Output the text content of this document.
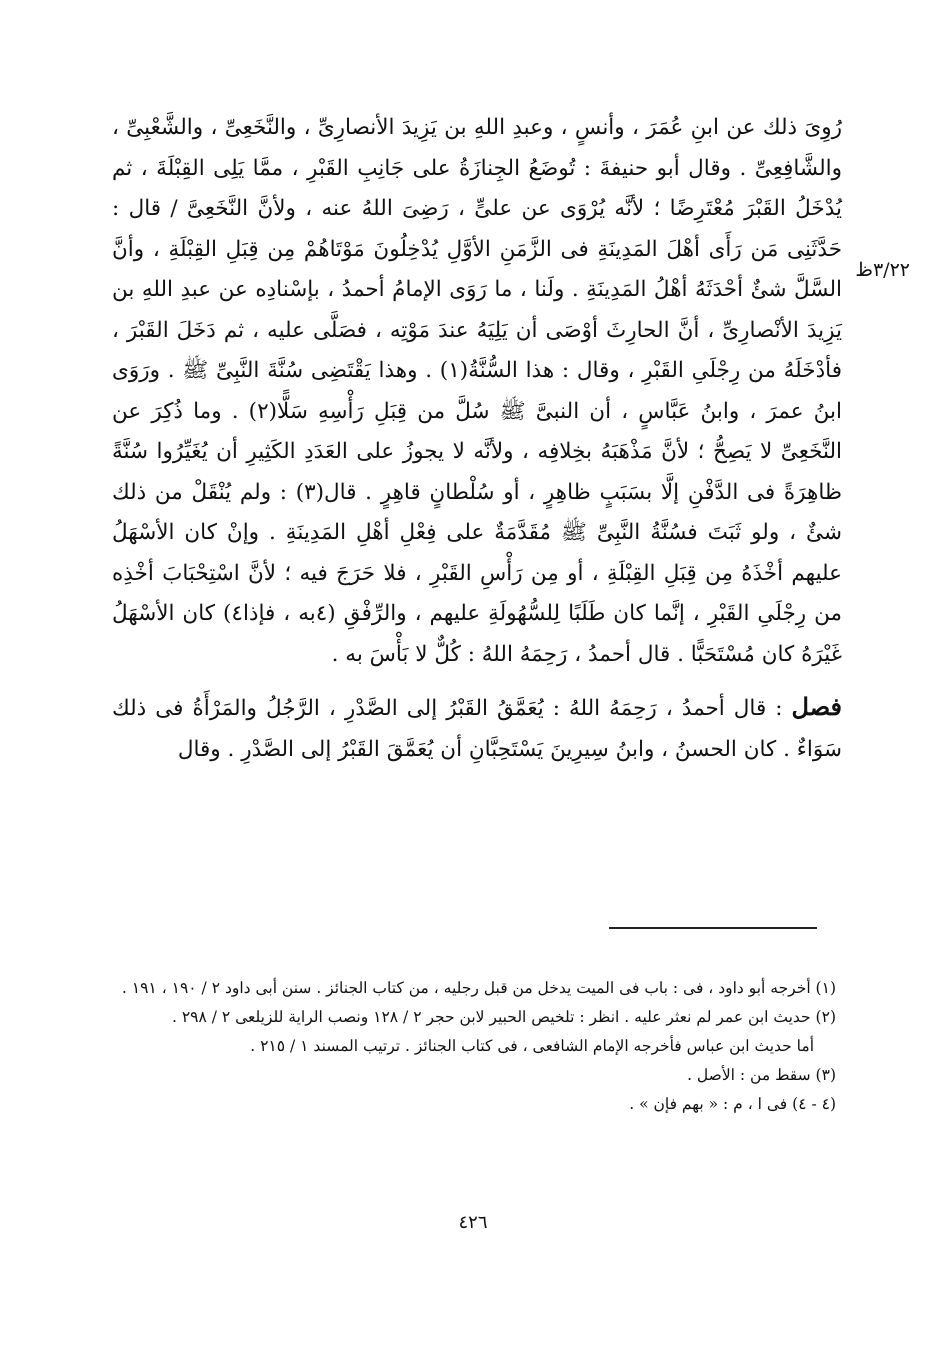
٣/٢٢ظ

رُوِىَ ذلك عن ابنِ عُمَرَ ، وأنسٍ ، وعبدِ اللهِ بن يَزِيدَ الأنصارِىِّ ، والنَّخَعِىِّ ، والشَّعْبِىِّ ، والشَّافِعِىِّ . وقال أبو حنيفةَ : تُوضَعُ الجِنازَةُ على جَانِبِ القَبْرِ ، ممَّا يَلِى القِبْلَةَ ، ثم يُدْخَلُ القَبْرَ مُعْتَرِضًا ؛ لأنَّه يُرْوَى عن علىٍّ ، رَضِىَ اللهُ عنه ، ولأنَّ النَّخَعِىَّ / قال : حَدَّثَنِى مَن رَأَى أهْلَ المَدِينَةِ فى الزَّمَنِ الأوَّلِ يُدْخِلُونَ مَوْتَاهُمْ مِن قِبَلِ القِبْلَةِ ، وأنَّ السَّلَّ شئٌ أحْدَثَهُ أهْلُ المَدِينَةِ . ولَنا ، ما رَوَى الإمامُ أحمدُ ، بإسْنادِه عن عبدِ اللهِ بن يَزِيدَ الأنْصارِىِّ ، أنَّ الحارِثَ أوْصَى أن يَلِيَهُ عندَ مَوْتِه ، فصَلَّى عليه ، ثم دَخَلَ القَبْرَ ، فأدْخَلَهُ من رِجْلَىِ القَبْرِ ، وقال : هذا السُّنَّةُ(١) . وهذا يَقْتَضِى سُنَّةَ النَّبِىِّ ﷺ . ورَوَى ابنُ عمرَ ، وابنُ عَبَّاسٍ ، أن النبىَّ ﷺ سُلَّ من قِبَلِ رَأْسِهِ سَلًّا(٢) . وما ذُكِرَ عن النَّخَعِىِّ لا يَصِحُّ ؛ لأنَّ مَذْهَبَهُ بخِلافِه ، ولأنَّه لا يجوزُ على العَدَدِ الكَثِيرِ أن يُغَيِّرُوا سُنَّةً ظاهِرَةً فى الدَّفْنِ إلَّا بسَبَبٍ ظاهِرٍ ، أو سُلْطانٍ قاهِرٍ . قال(٣) : ولم يُنْقَلْ من ذلك شئٌ ، ولو ثَبَتَ فسُنَّةُ النَّبِىِّ ﷺ مُقَدَّمَةٌ على فِعْلِ أهْلِ المَدِينَةِ . وإنْ كان الأسْهَلُ عليهم أخْذَهُ مِن قِبَلِ القِبْلَةِ ، أو مِن رَأْسِ القَبْرِ ، فلا حَرَجَ فيه ؛ لأنَّ اسْتِحْبَابَ أخْذِه من رِجْلَىِ القَبْرِ ، إنَّما كان طَلَبًا لِلسُّهُولَةِ عليهم ، والرِّفْقِ (٤به ، فإذا٤) كان الأسْهَلُ غَيْرَهُ كان مُسْتَحَبًّا . قال أحمدُ ، رَحِمَهُ اللهُ : كُلٌّ لا بَأْسَ به .

فصل : قال أحمدُ ، رَحِمَهُ اللهُ : يُعَمَّقُ القَبْرُ إلى الصَّدْرِ ، الرَّجُلُ والمَرْأَةُ فى ذلك سَوَاءٌ . كان الحسنُ ، وابنُ سِيرِينَ يَسْتَحِبَّانِ أن يُعَمَّقَ القَبْرُ إلى الصَّدْرِ . وقال

(١) أخرجه أبو داود ، فى : باب فى الميت يدخل من قبل رجليه ، من كتاب الجنائز . سنن أبى داود ٢ / ١٩٠ ، ١٩١ .

(٢) حديث ابن عمر لم نعثر عليه . انظر : تلخيص الحبير لابن حجر ٢ / ١٢٨ ونصب الراية للزيلعى ٢ / ٢٩٨ .

أما حديث ابن عباس فأخرجه الإمام الشافعى ، فى كتاب الجنائز . ترتيب المسند ١ / ٢١٥ .

(٣) سقط من : الأصل .

(٤ - ٤) فى ا ، م : « بهم فإن » .

٤٢٦
